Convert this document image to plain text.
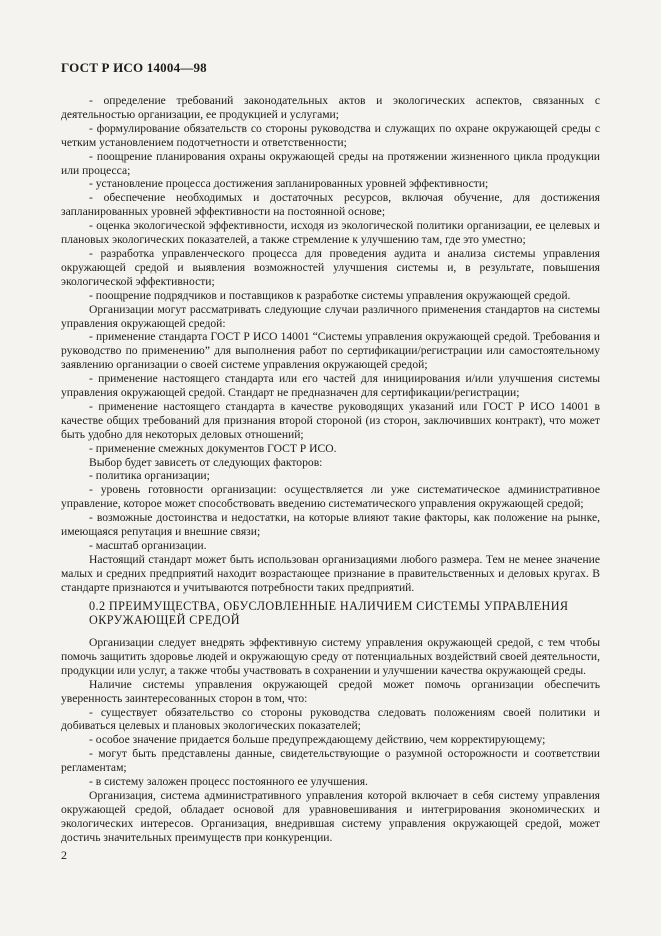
ГОСТ Р ИСО 14004—98

- определение требований законодательных актов и экологических аспектов, связанных с деятельностью организации, ее продукцией и услугами;

- формулирование обязательств со стороны руководства и служащих по охране окружающей среды с четким установлением подотчетности и ответственности;

- поощрение планирования охраны окружающей среды на протяжении жизненного цикла продукции или процесса;

- установление процесса достижения запланированных уровней эффективности;

- обеспечение необходимых и достаточных ресурсов, включая обучение, для достижения запланированных уровней эффективности на постоянной основе;

- оценка экологической эффективности, исходя из экологической политики организации, ее целевых и плановых экологических показателей, а также стремление к улучшению там, где это уместно;

- разработка управленческого процесса для проведения аудита и анализа системы управления окружающей средой и выявления возможностей улучшения системы и, в результате, повышения экологической эффективности;

- поощрение подрядчиков и поставщиков к разработке системы управления окружающей средой.

Организации могут рассматривать следующие случаи различного применения стандартов на системы управления окружающей средой:

- применение стандарта ГОСТ Р ИСО 14001 “Системы управления окружающей средой. Требования и руководство по применению” для выполнения работ по сертификации/регистрации или самостоятельному заявлению организации о своей системе управления окружающей средой;

- применение настоящего стандарта или его частей для инициирования и/или улучшения системы управления окружающей средой. Стандарт не предназначен для сертификации/регистрации;

- применение настоящего стандарта в качестве руководящих указаний или ГОСТ Р ИСО 14001 в качестве общих требований для признания второй стороной (из сторон, заключивших контракт), что может быть удобно для некоторых деловых отношений;

- применение смежных документов ГОСТ Р ИСО.

Выбор будет зависеть от следующих факторов:

- политика организации;

- уровень готовности организации: осуществляется ли уже систематическое административное управление, которое может способствовать введению систематического управления окружающей средой;

- возможные достоинства и недостатки, на которые влияют такие факторы, как положение на рынке, имеющаяся репутация и внешние связи;

- масштаб организации.

Настоящий стандарт может быть использован организациями любого размера. Тем не менее значение малых и средних предприятий находит возрастающее признание в правительственных и деловых кругах. В стандарте признаются и учитываются потребности таких предприятий.

0.2 ПРЕИМУЩЕСТВА, ОБУСЛОВЛЕННЫЕ НАЛИЧИЕМ СИСТЕМЫ УПРАВЛЕНИЯ ОКРУЖАЮЩЕЙ СРЕДОЙ

Организации следует внедрять эффективную систему управления окружающей средой, с тем чтобы помочь защитить здоровье людей и окружающую среду от потенциальных воздействий своей деятельности, продукции или услуг, а также чтобы участвовать в сохранении и улучшении качества окружающей среды.

Наличие системы управления окружающей средой может помочь организации обеспечить уверенность заинтересованных сторон в том, что:

- существует обязательство со стороны руководства следовать положениям своей политики и добиваться целевых и плановых экологических показателей;

- особое значение придается больше предупреждающему действию, чем корректирующему;

- могут быть представлены данные, свидетельствующие о разумной осторожности и соответствии регламентам;

- в систему заложен процесс постоянного ее улучшения.

Организация, система административного управления которой включает в себя систему управления окружающей средой, обладает основой для уравновешивания и интегрирования экономических и экологических интересов. Организация, внедрившая систему управления окружающей средой, может достичь значительных преимуществ при конкуренции.

2
